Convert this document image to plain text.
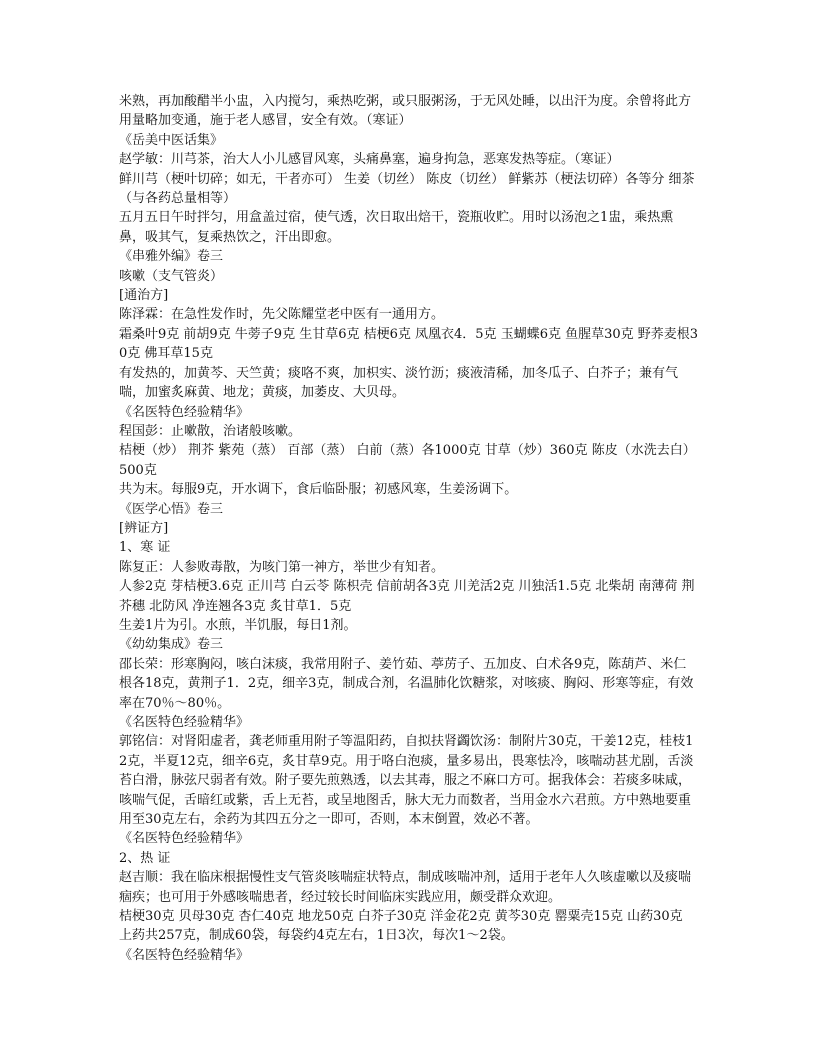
米熟，再加酸醋半小盅，入内搅匀，乘热吃粥，或只服粥汤，于无风处睡，以出汗为度。余曾将此方用量略加变通，施于老人感冒，安全有效。（寒证）

《岳美中医话集》

赵学敏：川芎茶，治大人小儿感冒风寒，头痛鼻塞，遍身拘急，恶寒发热等症。（寒证）

鲜川芎（梗叶切碎；如无，干者亦可） 生姜（切丝） 陈皮（切丝） 鲜紫苏（梗法切碎）各等分 细茶（与各药总量相等）

五月五日午时拌匀，用盒盖过宿，使气透，次日取出焙干，瓷瓶收贮。用时以汤泡之1盅，乘热熏鼻，吸其气，复乘热饮之，汗出即愈。

《串雅外编》卷三

咳嗽（支气管炎）

[通治方]

陈泽霖：在急性发作时，先父陈耀堂老中医有一通用方。

霜桑叶9克 前胡9克 牛蒡子9克 生甘草6克 桔梗6克 凤凰衣4．5克 玉蝴蝶6克 鱼腥草30克 野荞麦根30克 佛耳草15克

有发热的，加黄芩、天竺黄；痰咯不爽，加枳实、淡竹沥；痰液清稀，加冬瓜子、白芥子；兼有气喘，加蜜炙麻黄、地龙；黄痰，加萎皮、大贝母。

《名医特色经验精华》

程国彭：止嗽散，治诸般咳嗽。

桔梗（炒） 荆芥 紫苑（蒸） 百部（蒸） 白前（蒸）各1000克 甘草（炒）360克 陈皮（水洗去白）500克

共为末。每服9克，开水调下，食后临卧服；初感风寒，生姜汤调下。

《医学心悟》卷三

[辨证方]

1、寒 证

陈复正：人参败毒散，为咳门第一神方，举世少有知者。

人参2克 芽桔梗3.6克 正川芎 白云苓 陈枳壳 信前胡各3克 川羌活2克 川独活1.5克 北柴胡 南薄荷 荆芥穗 北防风 净连翘各3克 炙甘草1．5克

生姜1片为引。水煎，半饥服，每日1剂。

《幼幼集成》卷三

邵长荣：形寒胸闷，咳白沫痰，我常用附子、姜竹茹、葶苈子、五加皮、白术各9克，陈葫芦、米仁根各18克，黄荆子1．2克，细辛3克，制成合剂，名温肺化饮糖浆，对咳痰、胸闷、形寒等症，有效率在70％～80％。

《名医特色经验精华》

郭铭信：对肾阳虚者，龚老师重用附子等温阳药，自拟扶肾蠲饮汤：制附片30克，干姜12克，桂枝12克，半夏12克，细辛6克，炙甘草9克。用于咯白泡痰，量多易出，畏寒怯冷，咳喘动甚尤剧，舌淡苔白滑，脉弦尺弱者有效。附子要先煎熟透，以去其毒，服之不麻口方可。据我体会：若痰多味咸，咳喘气促，舌暗红或紫，舌上无苔，或呈地图舌，脉大无力而数者，当用金水六君煎。方中熟地要重用至30克左右，余药为其四五分之一即可，否则，本末倒置，效必不著。

《名医特色经验精华》

2、热 证

赵吉顺：我在临床根据慢性支气管炎咳喘症状特点，制成咳喘冲剂，适用于老年人久咳虚嗽以及痰喘痼疾；也可用于外感咳喘患者，经过较长时间临床实践应用，颇受群众欢迎。

桔梗30克 贝母30克 杏仁40克 地龙50克 白芥子30克 洋金花2克 黄芩30克 罂粟壳15克 山药30克

上药共257克，制成60袋，每袋约4克左右，1日3次，每次1～2袋。

《名医特色经验精华》
